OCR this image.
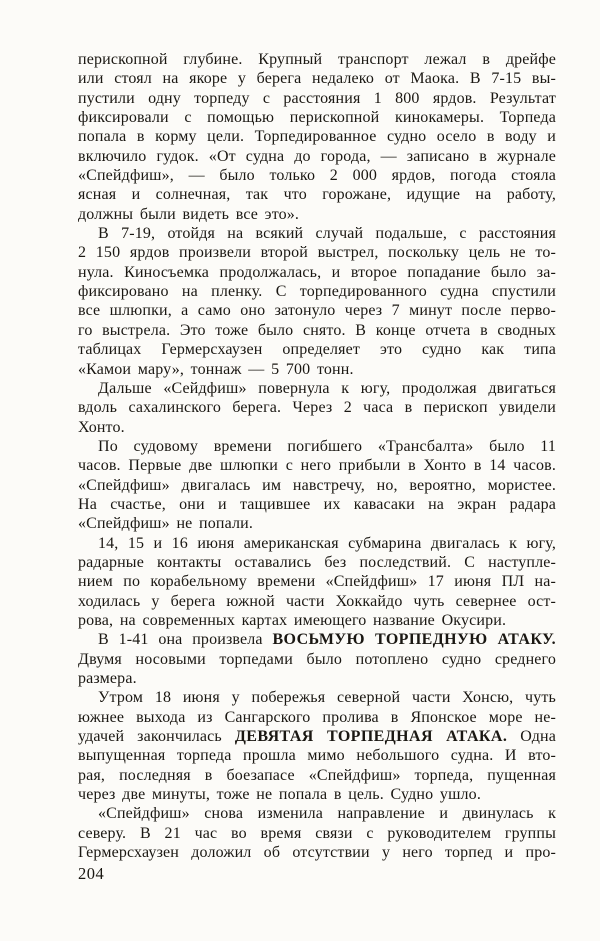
перископной глубине. Крупный транспорт лежал в дрейфе
или стоял на якоре у берега недалеко от Маока. В 7-15 вы-
пустили одну торпеду с расстояния 1 800 ярдов. Результат
фиксировали с помощью перископной кинокамеры. Торпеда
попала в корму цели. Торпедированное судно осело в воду и
включило гудок. «От судна до города, — записано в журнале
«Спейдфиш», — было только 2 000 ярдов, погода стояла
ясная и солнечная, так что горожане, идущие на работу,
должны были видеть все это».
В 7-19, отойдя на всякий случай подальше, с расстояния
2 150 ярдов произвели второй выстрел, поскольку цель не то-
нула. Киносъемка продолжалась, и второе попадание было за-
фиксировано на пленку. С торпедированного судна спустили
все шлюпки, а само оно затонуло через 7 минут после перво-
го выстрела. Это тоже было снято. В конце отчета в сводных
таблицах Гермерсхаузен определяет это судно как типа
«Камои мару», тоннаж — 5 700 тонн.
Дальше «Сейдфиш» повернула к югу, продолжая двигаться
вдоль сахалинского берега. Через 2 часа в перископ увидели
Хонто.
По судовому времени погибшего «Трансбалта» было 11
часов. Первые две шлюпки с него прибыли в Хонто в 14 часов.
«Спейдфиш» двигалась им навстречу, но, вероятно, мористее.
На счастье, они и тащившее их кавасаки на экран радара
«Спейдфиш» не попали.
14, 15 и 16 июня американская субмарина двигалась к югу,
радарные контакты оставались без последствий. С наступле-
нием по корабельному времени «Спейдфиш» 17 июня ПЛ на-
ходилась у берега южной части Хоккайдо чуть севернее ост-
рова, на современных картах имеющего название Окусири.
В 1-41 она произвела ВОСЬМУЮ ТОРПЕДНУЮ АТАКУ.
Двумя носовыми торпедами было потоплено судно среднего
размера.
Утром 18 июня у побережья северной части Хонсю, чуть
южнее выхода из Сангарского пролива в Японское море не-
удачей закончилась ДЕВЯТАЯ ТОРПЕДНАЯ АТАКА. Одна
выпущенная торпеда прошла мимо небольшого судна. И вто-
рая, последняя в боезапасе «Спейдфиш» торпеда, пущенная
через две минуты, тоже не попала в цель. Судно ушло.
«Спейдфиш» снова изменила направление и двинулась к
северу. В 21 час во время связи с руководителем группы
Гермерсхаузен доложил об отсутствии у него торпед и про-
204
